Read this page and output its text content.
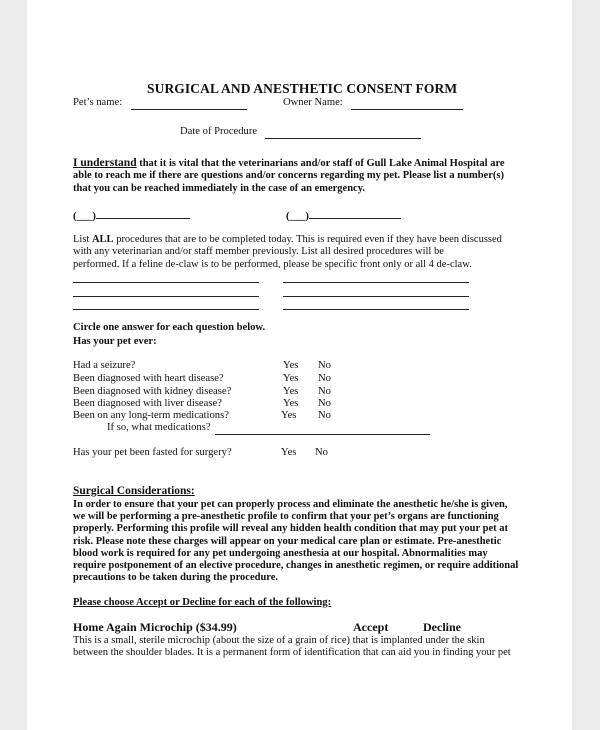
SURGICAL AND ANESTHETIC CONSENT FORM
Pet’s name:	Owner Name:
Date of Procedure
I understand that it is vital that the veterinarians and/or staff of Gull Lake Animal Hospital are
able to reach me if there are questions and/or concerns regarding my pet. Please list a number(s)
that you can be reached immediately in the case of an emergency.
(___)	(___)
List ALL procedures that are to be completed today. This is required even if they have been discussed
with any veterinarian and/or staff member previously. List all desired procedures will be
performed. If a feline de-claw is to be performed, please be specific front only or all 4 de-claw.
Circle one answer for each question below.
Has your pet ever:
Had a seizure?	Yes No
Been diagnosed with heart disease?	Yes No
Been diagnosed with kidney disease?	Yes No
Been diagnosed with liver disease?	Yes No
Been on any long-term medications?	Yes No
If so, what medications?
Has your pet been fasted for surgery?	Yes No
Surgical Considerations:
In order to ensure that your pet can properly process and eliminate the anesthetic he/she is given,
we will be performing a pre-anesthetic profile to confirm that your pet’s organs are functioning
properly. Performing this profile will reveal any hidden health condition that may put your pet at
risk. Please note these charges will appear on your medical care plan or estimate. Pre-anesthetic
blood work is required for any pet undergoing anesthesia at our hospital. Abnormalities may
require postponement of an elective procedure, changes in anesthetic regimen, or require additional
precautions to be taken during the procedure.
Please choose Accept or Decline for each of the following:
Home Again Microchip ($34.99)	Accept	Decline
This is a small, sterile microchip (about the size of a grain of rice) that is implanted under the skin
between the shoulder blades. It is a permanent form of identification that can aid you in finding your pet
